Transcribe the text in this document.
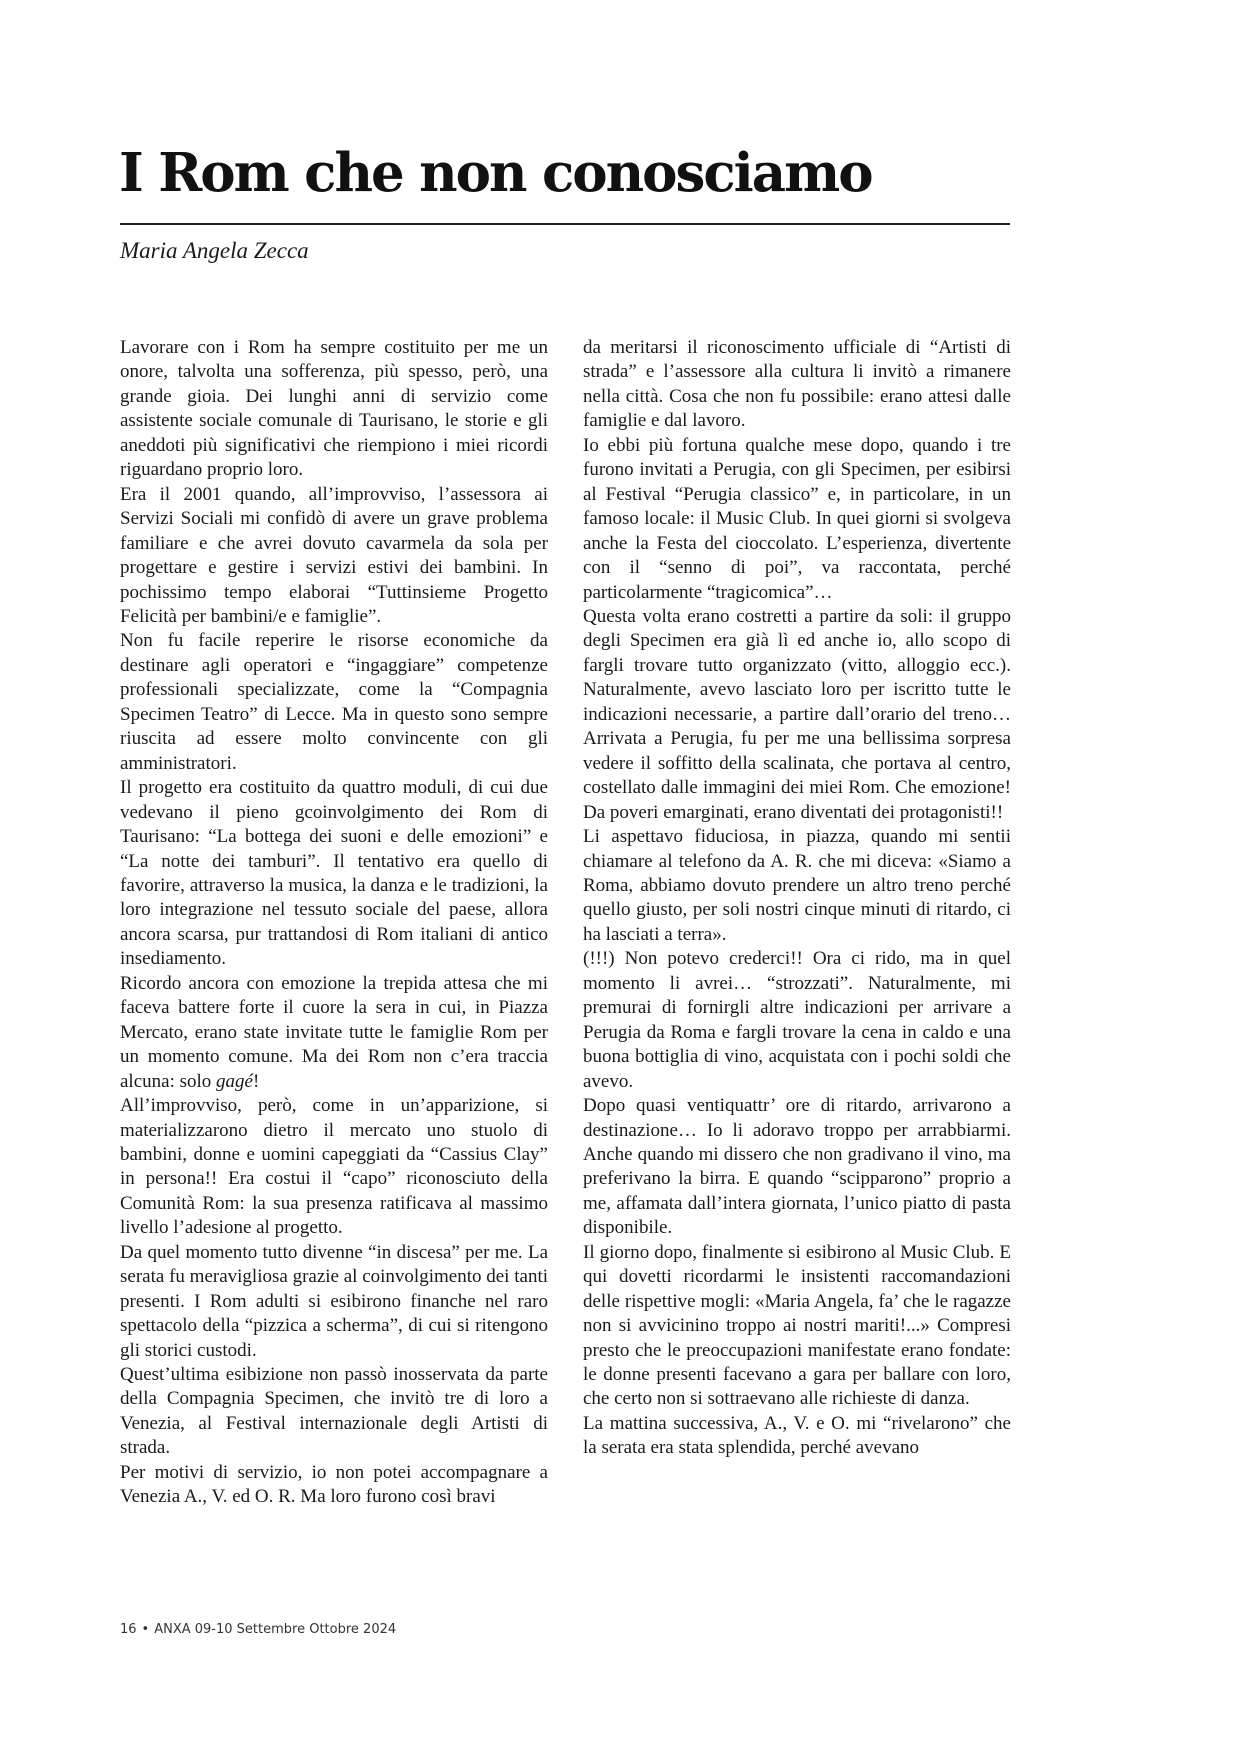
I Rom che non conosciamo
Maria Angela Zecca

Lavorare con i Rom ha sempre costituito per me un onore, talvolta una sofferenza, più spesso, però, una grande gioia. Dei lunghi anni di servizio come assistente sociale comunale di Taurisano, le storie e gli aneddoti più significativi che riempiono i miei ricordi riguardano proprio loro.

Era il 2001 quando, all’improvviso, l’assessora ai Servizi Sociali mi confidò di avere un grave problema familiare e che avrei dovuto cavarmela da sola per progettare e gestire i servizi estivi dei bambini. In pochissimo tempo elaborai “Tuttinsieme Progetto Felicità per bambini/e e famiglie”.

Non fu facile reperire le risorse economiche da destinare agli operatori e “ingaggiare” competenze professionali specializzate, come la “Compagnia Specimen Teatro” di Lecce. Ma in questo sono sempre riuscita ad essere molto convincente con gli amministratori.

Il progetto era costituito da quattro moduli, di cui due vedevano il pieno gcoinvolgimento dei Rom di Taurisano: “La bottega dei suoni e delle emozioni” e “La notte dei tamburi”. Il tentativo era quello di favorire, attraverso la musica, la danza e le tradizioni, la loro integrazione nel tessuto sociale del paese, allora ancora scarsa, pur trattandosi di Rom italiani di antico insediamento.

Ricordo ancora con emozione la trepida attesa che mi faceva battere forte il cuore la sera in cui, in Piazza Mercato, erano state invitate tutte le famiglie Rom per un momento comune. Ma dei Rom non c’era traccia alcuna: solo gagé!

All’improvviso, però, come in un’apparizione, si materializzarono dietro il mercato uno stuolo di bambini, donne e uomini capeggiati da “Cassius Clay” in persona!! Era costui il “capo” riconosciuto della Comunità Rom: la sua presenza ratificava al massimo livello l’adesione al progetto.

Da quel momento tutto divenne “in discesa” per me. La serata fu meravigliosa grazie al coinvolgimento dei tanti presenti. I Rom adulti si esibirono finanche nel raro spettacolo della “pizzica a scherma”, di cui si ritengono gli storici custodi.

Quest’ultima esibizione non passò inosservata da parte della Compagnia Specimen, che invitò tre di loro a Venezia, al Festival internazionale degli Artisti di strada.

Per motivi di servizio, io non potei accompagnare a Venezia A., V. ed O. R. Ma loro furono così bravi

da meritarsi il riconoscimento ufficiale di “Artisti di strada” e l’assessore alla cultura li invitò a rimanere nella città. Cosa che non fu possibile: erano attesi dalle famiglie e dal lavoro.

Io ebbi più fortuna qualche mese dopo, quando i tre furono invitati a Perugia, con gli Specimen, per esibirsi al Festival “Perugia classico” e, in particolare, in un famoso locale: il Music Club. In quei giorni si svolgeva anche la Festa del cioccolato. L’esperienza, divertente con il “senno di poi”, va raccontata, perché particolarmente “tragicomica”…

Questa volta erano costretti a partire da soli: il gruppo degli Specimen era già lì ed anche io, allo scopo di fargli trovare tutto organizzato (vitto, alloggio ecc.). Naturalmente, avevo lasciato loro per iscritto tutte le indicazioni necessarie, a partire dall’orario del treno… Arrivata a Perugia, fu per me una bellissima sorpresa vedere il soffitto della scalinata, che portava al centro, costellato dalle immagini dei miei Rom. Che emozione! Da poveri emarginati, erano diventati dei protagonisti!!

Li aspettavo fiduciosa, in piazza, quando mi sentii chiamare al telefono da A. R. che mi diceva: «Siamo a Roma, abbiamo dovuto prendere un altro treno perché quello giusto, per soli nostri cinque minuti di ritardo, ci ha lasciati a terra».

(!!!) Non potevo crederci!! Ora ci rido, ma in quel momento li avrei… “strozzati”. Naturalmente, mi premurai di fornirgli altre indicazioni per arrivare a Perugia da Roma e fargli trovare la cena in caldo e una buona bottiglia di vino, acquistata con i pochi soldi che avevo.

Dopo quasi ventiquattr’ ore di ritardo, arrivarono a destinazione… Io li adoravo troppo per arrabbiarmi. Anche quando mi dissero che non gradivano il vino, ma preferivano la birra. E quando “scipparono” proprio a me, affamata dall’intera giornata, l’unico piatto di pasta disponibile.

Il giorno dopo, finalmente si esibirono al Music Club. E qui dovetti ricordarmi le insistenti raccomandazioni delle rispettive mogli: «Maria Angela, fa’ che le ragazze non si avvicinino troppo ai nostri mariti!...» Compresi presto che le preoccupazioni manifestate erano fondate: le donne presenti facevano a gara per ballare con loro, che certo non si sottraevano alle richieste di danza.

La mattina successiva, A., V. e O. mi “rivelarono” che la serata era stata splendida, perché avevano

16 • ANXA 09-10 Settembre Ottobre 2024
